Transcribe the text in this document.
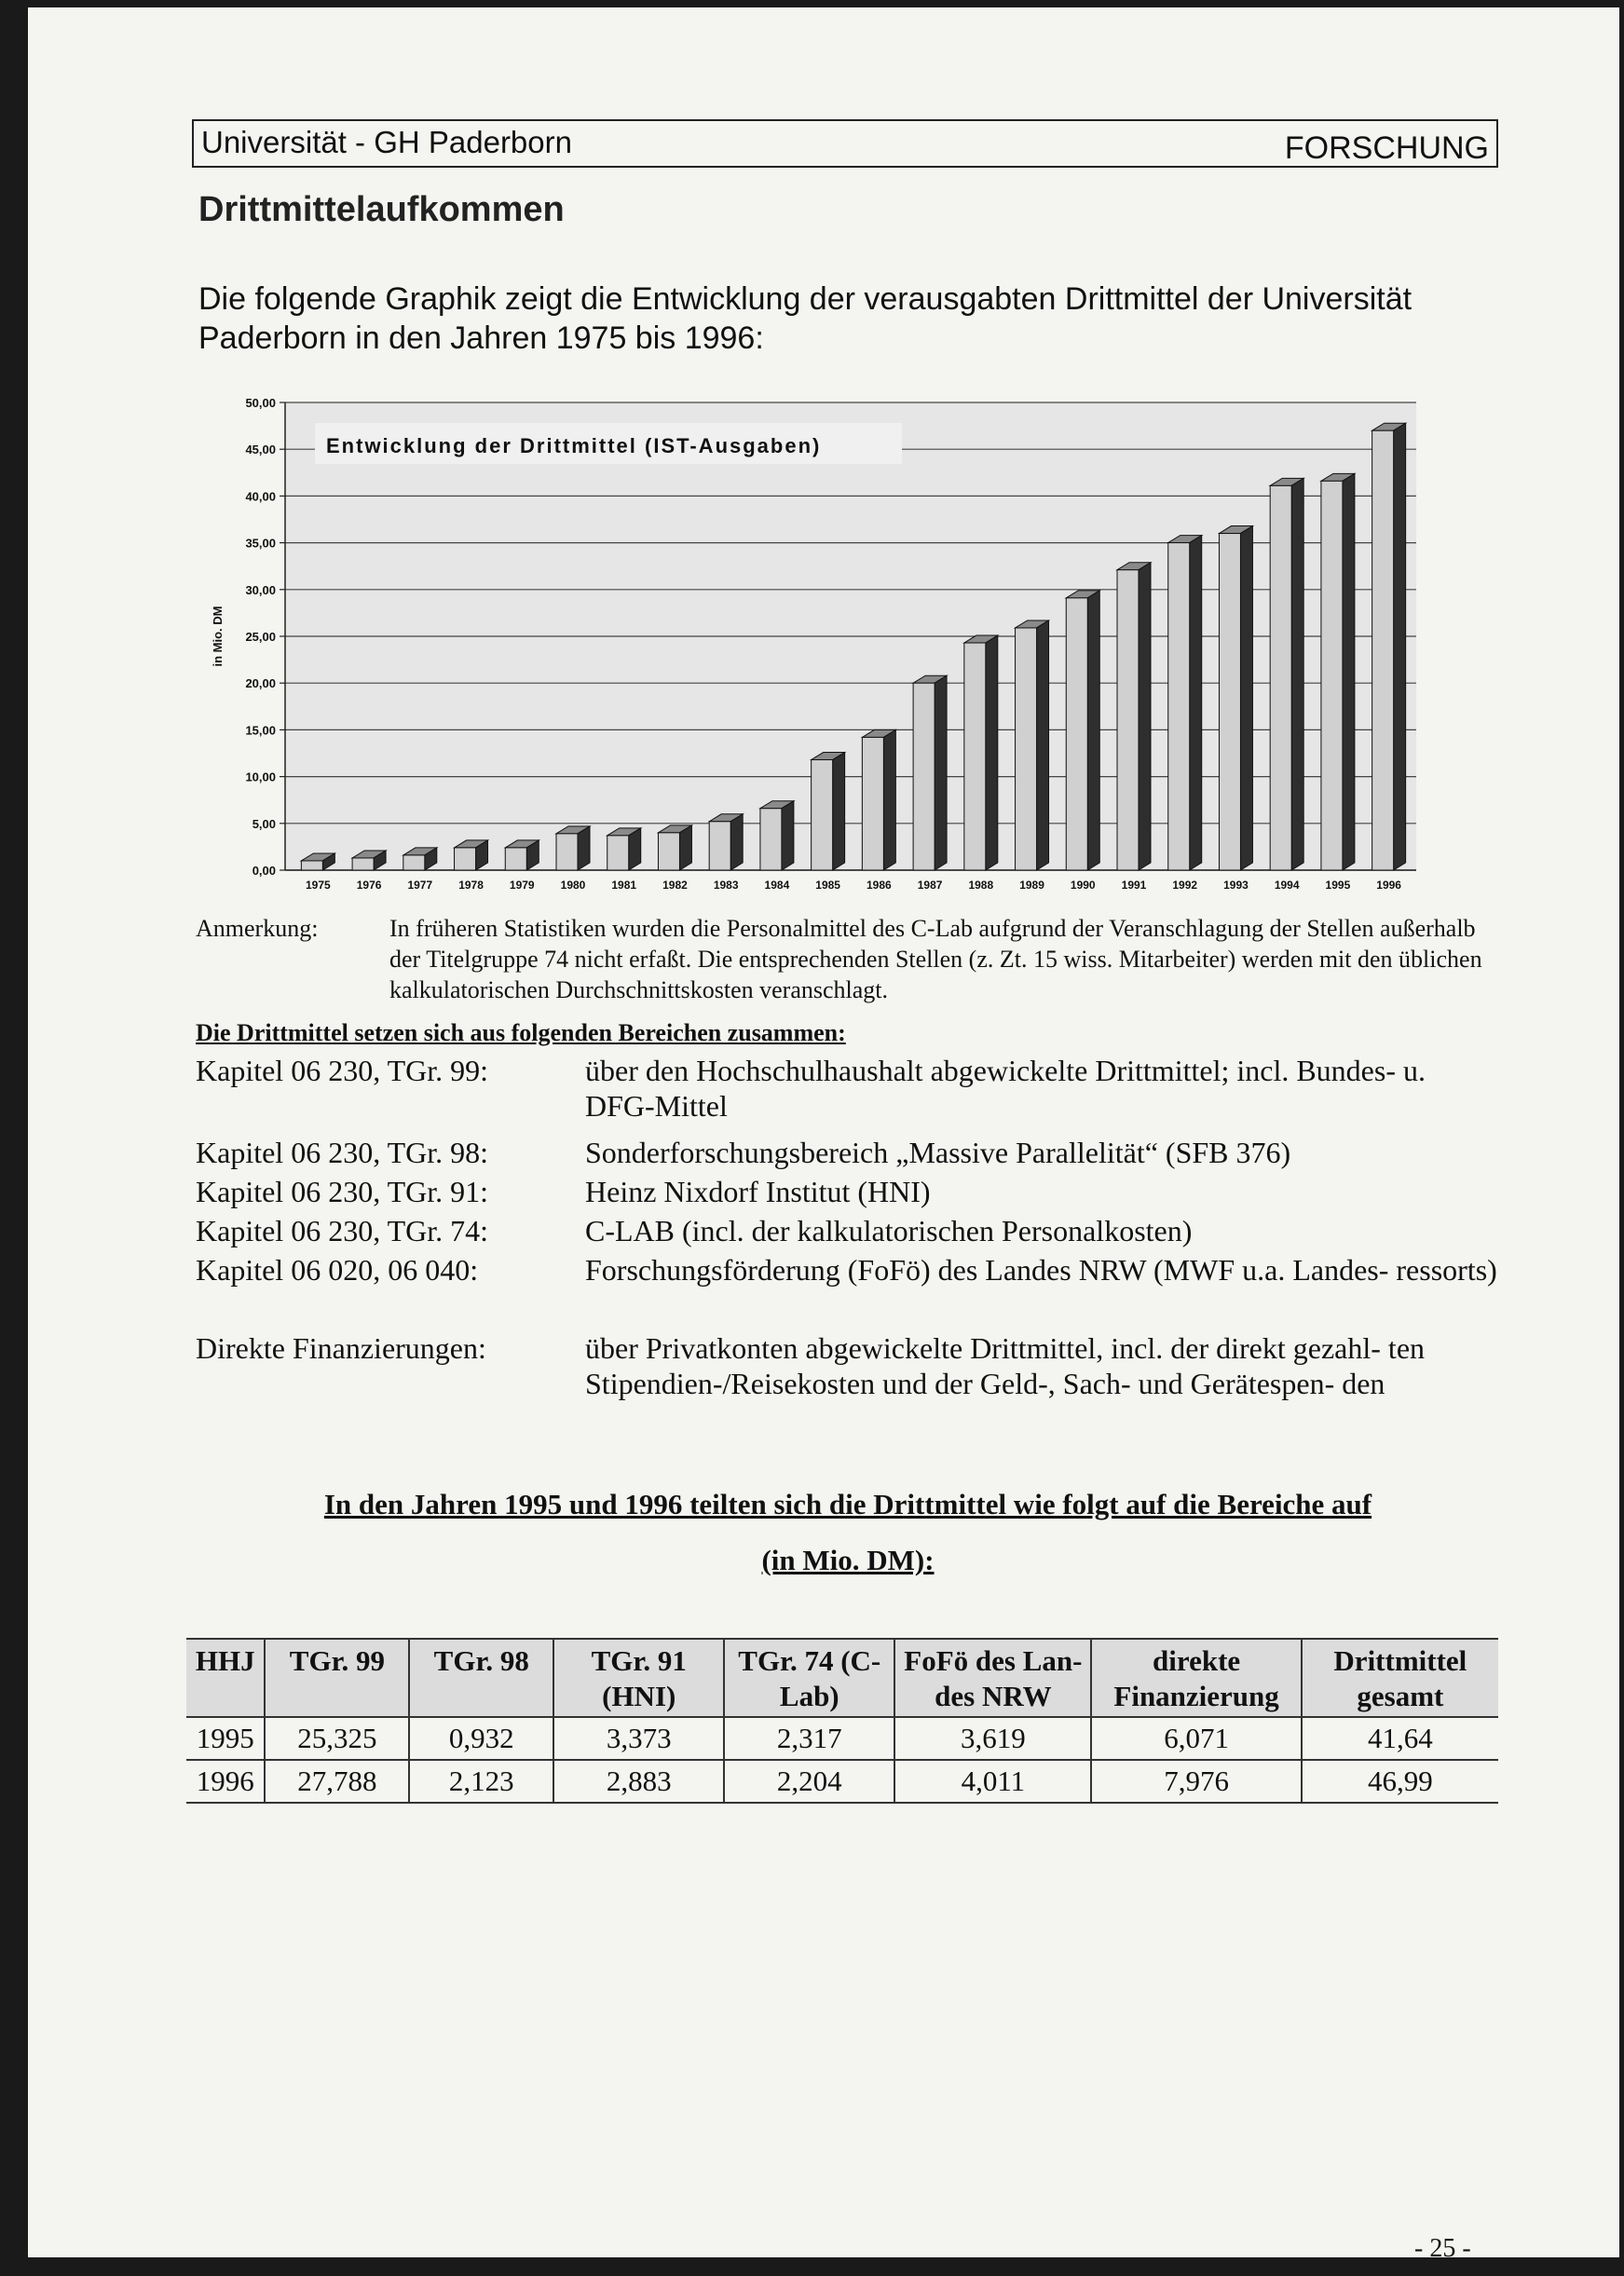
Universität - GH Paderborn	FORSCHUNG
Drittmittelaufkommen
Die folgende Graphik zeigt die Entwicklung der verausgabten Drittmittel der Universität Paderborn in den Jahren 1975 bis 1996:
0,00
5,00
10,00
15,00
20,00
25,00
30,00
35,00
40,00
45,00
50,00
in Mio. DM
1975 1976 1977 1978 1979 1980 1981 1982 1983 1984 1985 1986 1987 1988 1989 1990 1991 1992 1993 1994 1995 1996
Entwicklung der Drittmittel (IST-Ausgaben)
Anmerkung:	In früheren Statistiken wurden die Personalmittel des C-Lab aufgrund der Veranschlagung der Stellen außerhalb der Titelgruppe 74 nicht erfaßt. Die entsprechenden Stellen (z. Zt. 15 wiss. Mitarbeiter) werden mit den üblichen kalkulatorischen Durchschnittskosten veranschlagt.
Die Drittmittel setzen sich aus folgenden Bereichen zusammen:
Kapitel 06 230, TGr. 99:	über den Hochschulhaushalt abgewickelte Drittmittel; incl. Bundes- u. DFG-Mittel
Kapitel 06 230, TGr. 98:	Sonderforschungsbereich „Massive Parallelität“ (SFB 376)
Kapitel 06 230, TGr. 91:	Heinz Nixdorf Institut (HNI)
Kapitel 06 230, TGr. 74:	C-LAB (incl. der kalkulatorischen Personalkosten)
Kapitel 06 020, 06 040:	Forschungsförderung (FoFö) des Landes NRW (MWF u.a. Landes- ressorts)
Direkte Finanzierungen:	über Privatkonten abgewickelte Drittmittel, incl. der direkt gezahl- ten Stipendien-/Reisekosten und der Geld-, Sach- und Gerätespen- den
In den Jahren 1995 und 1996 teilten sich die Drittmittel wie folgt auf die Bereiche auf
(in Mio. DM):
HHJ	TGr. 99	TGr. 98	TGr. 91 (HNI)	TGr. 74 (C-Lab)	FoFö des Lan- des NRW	direkte Finanzierung	Drittmittel gesamt
1995	25,325	0,932	3,373	2,317	3,619	6,071	41,64
1996	27,788	2,123	2,883	2,204	4,011	7,976	46,99
- 25 -
